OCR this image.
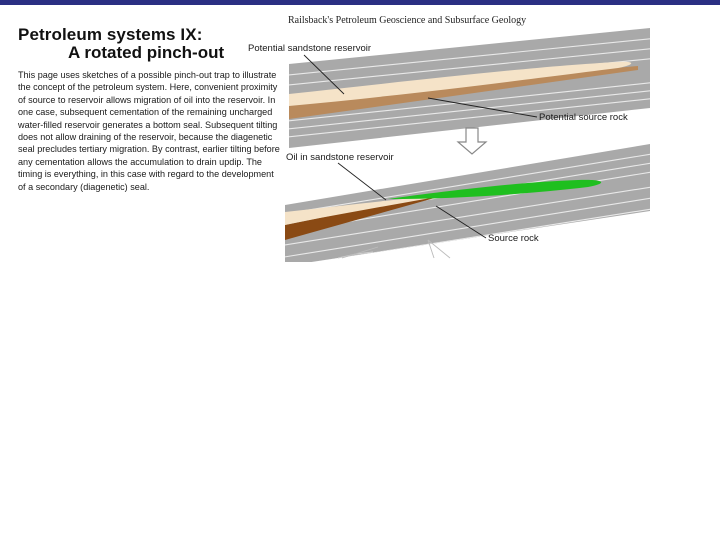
Petroleum systems IX:
A rotated pinch-out
Railsback's Petroleum Geoscience and Subsurface Geology
This page uses sketches of a possible pinch-out trap to illustrate the concept of the petroleum system. Here, convenient proximity of source to reservoir allows migration of oil into the reservoir. In one case, subsequent cementation of the remaining uncharged water-filled reservoir generates a bottom seal. Subsequent tilting does not allow draining of the reservoir, because the diagenetic seal precludes tertiary migration. By contrast, earlier tilting before any cementation allows the accumulation to drain updip. The timing is everything, in this case with regard to the development of a secondary (diagenetic) seal.
Potential sandstone reservoir
Potential source rock
Oil in sandstone reservoir
Source rock
